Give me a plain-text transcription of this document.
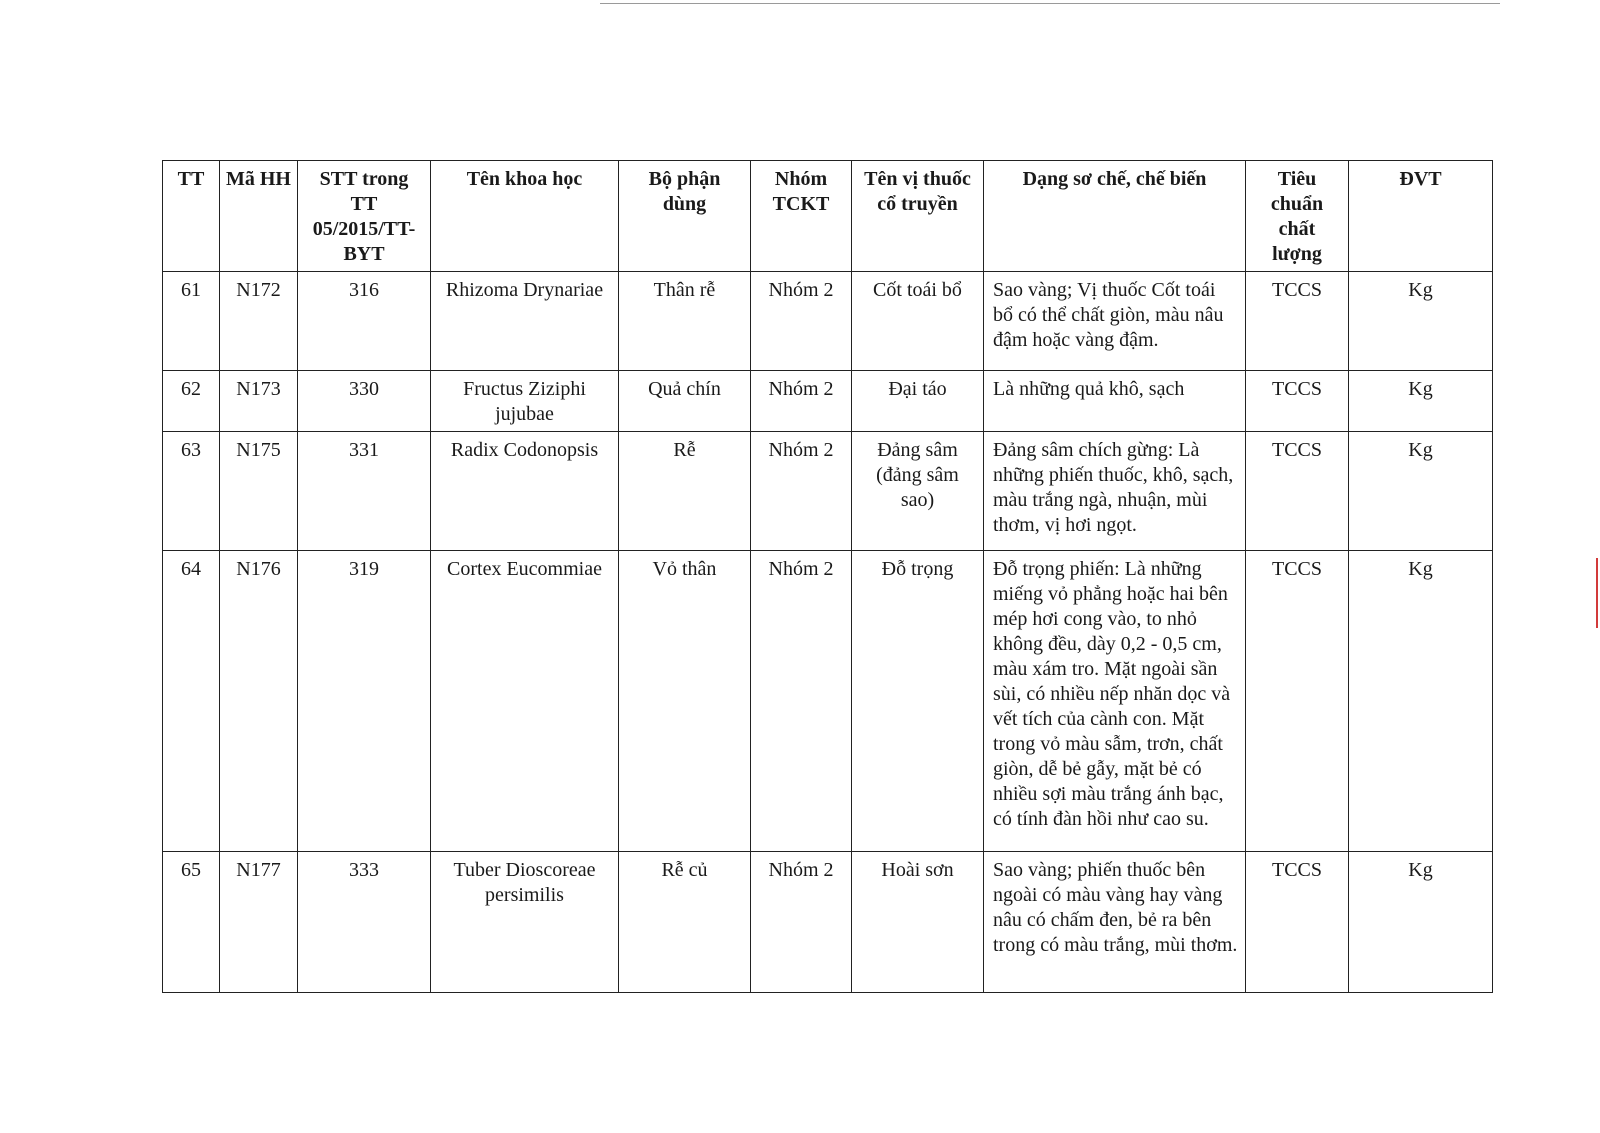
TT	Mã HH	STT trong TT 05/2015/TT-BYT	Tên khoa học	Bộ phận dùng	Nhóm TCKT	Tên vị thuốc cổ truyền	Dạng sơ chế, chế biến	Tiêu chuẩn chất lượng	ĐVT
61	N172	316	Rhizoma Drynariae	Thân rễ	Nhóm 2	Cốt toái bổ	Sao vàng; Vị thuốc Cốt toái bổ có thể chất giòn, màu nâu đậm hoặc vàng đậm.	TCCS	Kg
62	N173	330	Fructus Ziziphi jujubae	Quả chín	Nhóm 2	Đại táo	Là những quả khô, sạch	TCCS	Kg
63	N175	331	Radix Codonopsis	Rễ	Nhóm 2	Đảng sâm (đảng sâm sao)	Đảng sâm chích gừng: Là những phiến thuốc, khô, sạch, màu trắng ngà, nhuận, mùi thơm, vị hơi ngọt.	TCCS	Kg
64	N176	319	Cortex Eucommiae	Vỏ thân	Nhóm 2	Đỗ trọng	Đỗ trọng phiến: Là những miếng vỏ phẳng hoặc hai bên mép hơi cong vào, to nhỏ không đều, dày 0,2 - 0,5 cm, màu xám tro. Mặt ngoài sần sùi, có nhiều nếp nhăn dọc và vết tích của cành con. Mặt trong vỏ màu sẫm, trơn, chất giòn, dễ bẻ gẫy, mặt bẻ có nhiều sợi màu trắng ánh bạc, có tính đàn hồi như cao su.	TCCS	Kg
65	N177	333	Tuber Dioscoreae persimilis	Rễ củ	Nhóm 2	Hoài sơn	Sao vàng; phiến thuốc bên ngoài có màu vàng hay vàng nâu có chấm đen, bẻ ra bên trong có màu trắng, mùi thơm.	TCCS	Kg
